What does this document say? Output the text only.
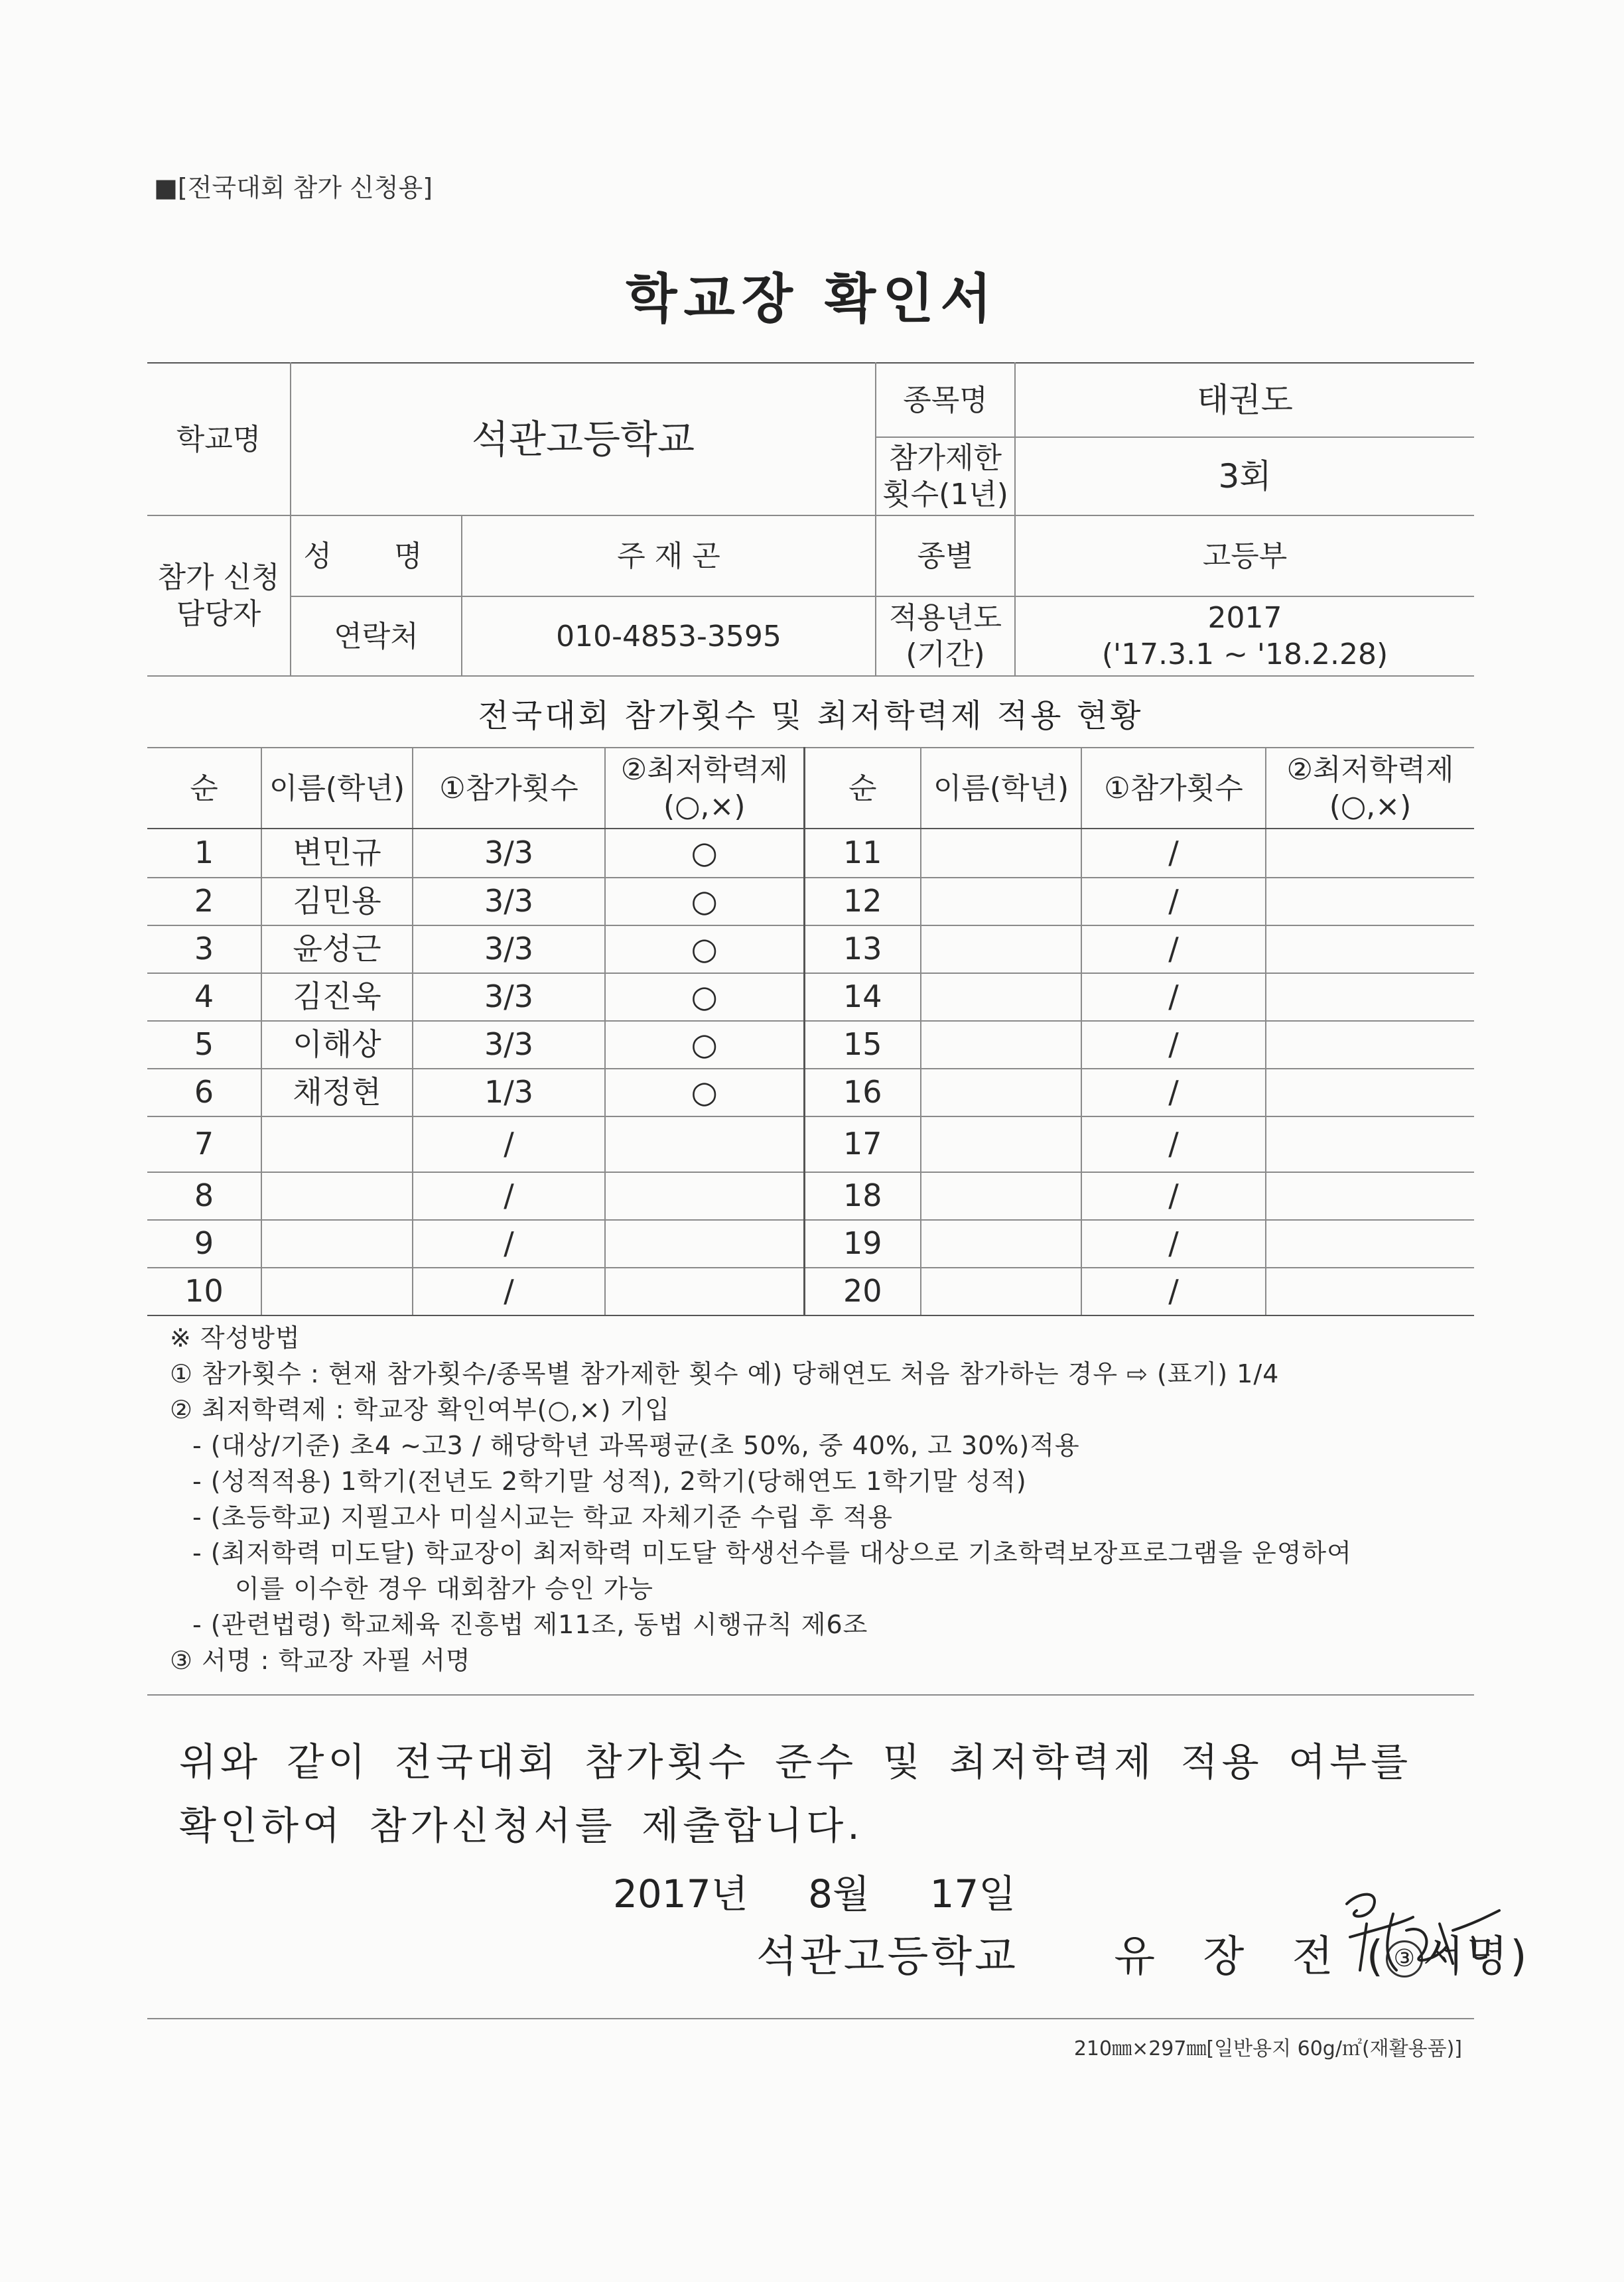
■[전국대회 참가 신청용]
학교장 확인서
학교명	석관고등학교		종목명	태권도
			참가제한 횟수(1년)	3회
참가 신청 담당자	성 명	주 재 곤	종별	고등부
	연락처	010-4853-3595	적용년도 (기간)	2017
('17.3.1 ~ '18.2.28)
전국대회 참가횟수 및 최저학력제 적용 현황
순	이름(학년)	①참가횟수	②최저학력제 (○,×)	순	이름(학년)	①참가횟수	②최저학력제 (○,×)
1	변민규	3/3	○	11		/	
2	김민용	3/3	○	12		/	
3	윤성근	3/3	○	13		/	
4	김진욱	3/3	○	14		/	
5	이해상	3/3	○	15		/	
6	채정현	1/3	○	16		/	
7		/		17		/	
8		/		18		/	
9		/		19		/	
10		/		20		/	
※ 작성방법
① 참가횟수 : 현재 참가횟수/종목별 참가제한 횟수 예) 당해연도 처음 참가하는 경우 ⇨ (표기) 1/4
② 최저학력제 : 학교장 확인여부(○,×) 기입
- (대상/기준) 초4 ~고3 / 해당학년 과목평균(초 50%, 중 40%, 고 30%)적용
- (성적적용) 1학기(전년도 2학기말 성적), 2학기(당해연도 1학기말 성적)
- (초등학교) 지필고사 미실시교는 학교 자체기준 수립 후 적용
- (최저학력 미도달) 학교장이 최저학력 미도달 학생선수를 대상으로 기초학력보장프로그램을 운영하여
이를 이수한 경우 대회참가 승인 가능
- (관련법령) 학교체육 진흥법 제11조, 동법 시행규칙 제6조
③ 서명 : 학교장 자필 서명
위와 같이 전국대회 참가횟수 준수 및 최저학력제 적용 여부를 확인하여 참가신청서를 제출합니다.
2017년 8월 17일
석관고등학교 유 장 전 ( ③ 서명)
210㎜×297㎜[일반용지 60g/㎡(재활용품)]
